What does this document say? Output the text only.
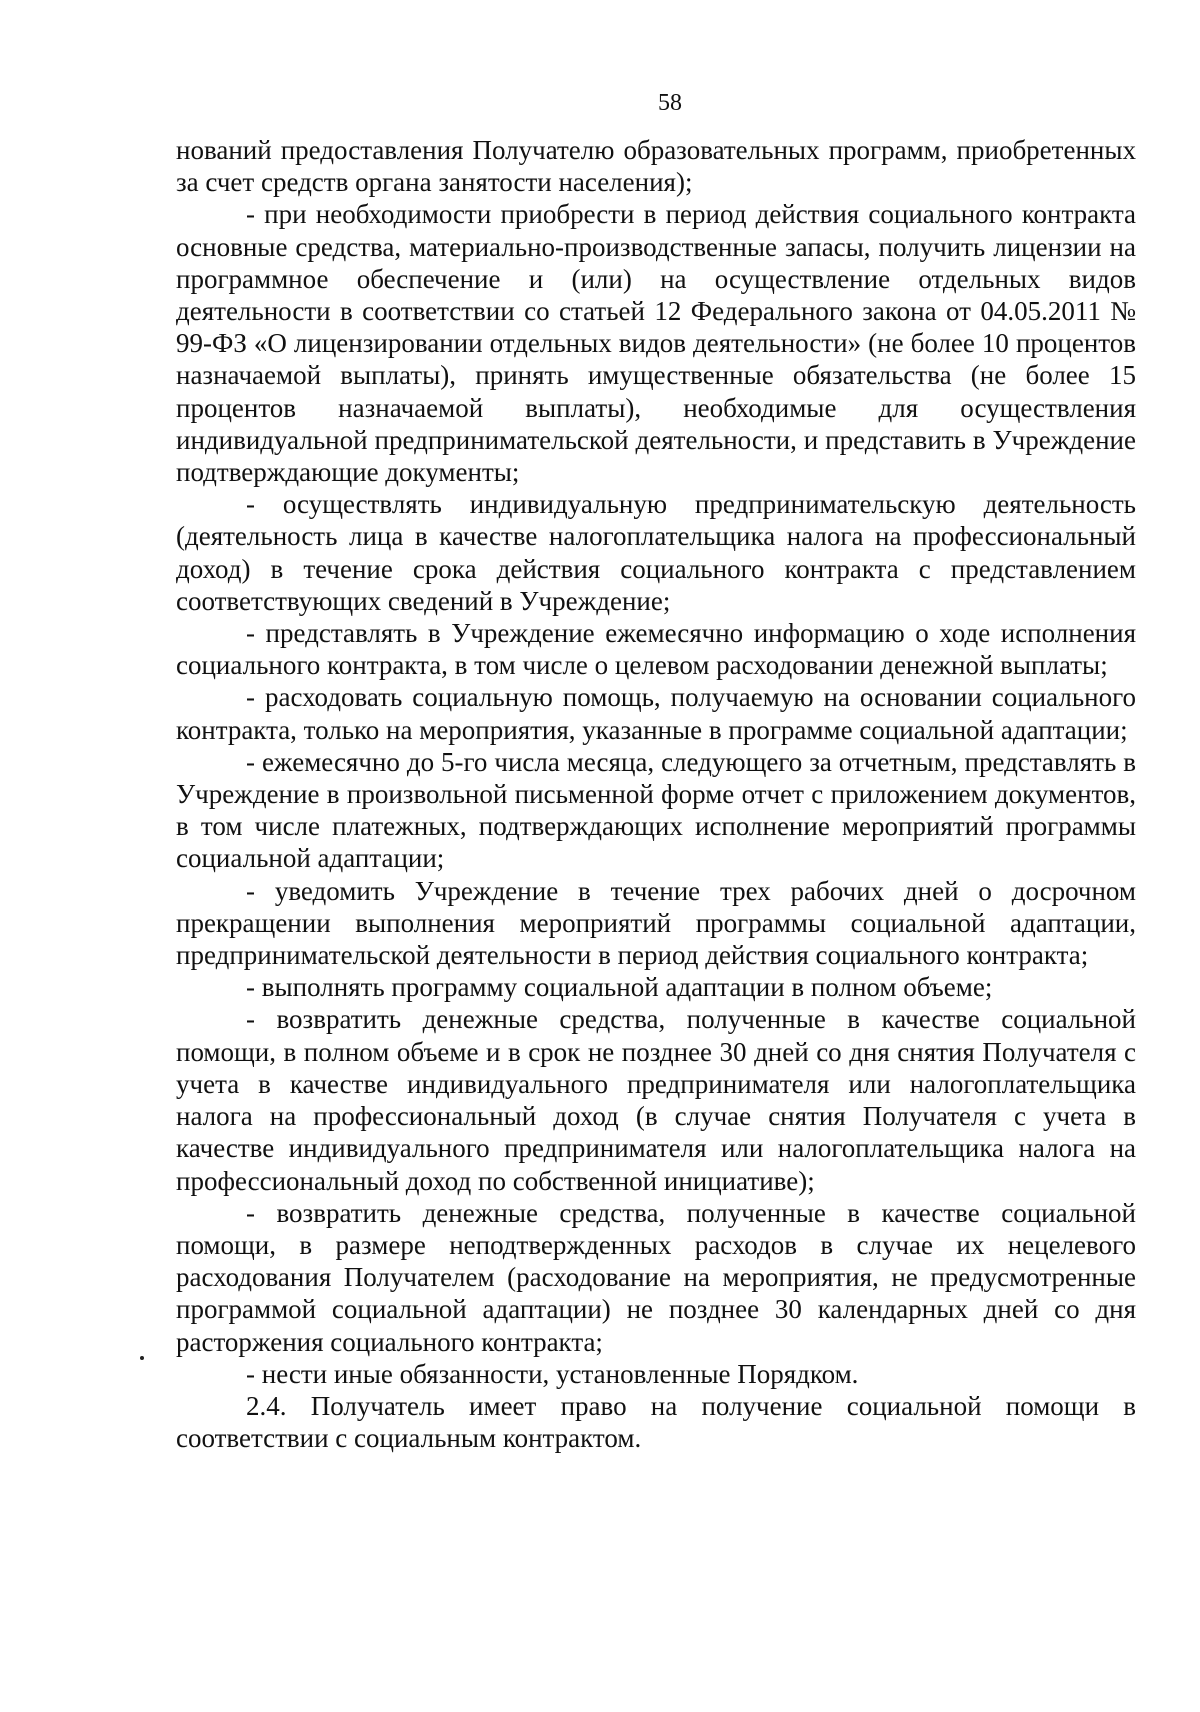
58

нований предоставления Получателю образовательных программ, приобретенных за счет средств органа занятости населения);

- при необходимости приобрести в период действия социального контракта основные средства, материально-производственные запасы, получить лицензии на программное обеспечение и (или) на осуществление отдельных видов деятельности в соответствии со статьей 12 Федерального закона от 04.05.2011 № 99-ФЗ «О лицензировании отдельных видов деятельности» (не более 10 процентов назначаемой выплаты), принять имущественные обязательства (не более 15 процентов назначаемой выплаты), необходимые для осуществления индивидуальной предпринимательской деятельности, и представить в Учреждение подтверждающие документы;

- осуществлять индивидуальную предпринимательскую деятельность (деятельность лица в качестве налогоплательщика налога на профессиональный доход) в течение срока действия социального контракта с представлением соответствующих сведений в Учреждение;

- представлять в Учреждение ежемесячно информацию о ходе исполнения социального контракта, в том числе о целевом расходовании денежной выплаты;

- расходовать социальную помощь, получаемую на основании социального контракта, только на мероприятия, указанные в программе социальной адаптации;

- ежемесячно до 5-го числа месяца, следующего за отчетным, представлять в Учреждение в произвольной письменной форме отчет с приложением документов, в том числе платежных, подтверждающих исполнение мероприятий программы социальной адаптации;

- уведомить Учреждение в течение трех рабочих дней о досрочном прекращении выполнения мероприятий программы социальной адаптации, предпринимательской деятельности в период действия социального контракта;

- выполнять программу социальной адаптации в полном объеме;

- возвратить денежные средства, полученные в качестве социальной помощи, в полном объеме и в срок не позднее 30 дней со дня снятия Получателя с учета в качестве индивидуального предпринимателя или налогоплательщика налога на профессиональный доход (в случае снятия Получателя с учета в качестве индивидуального предпринимателя или налогоплательщика налога на профессиональный доход по собственной инициативе);

- возвратить денежные средства, полученные в качестве социальной помощи, в размере неподтвержденных расходов в случае их нецелевого расходования Получателем (расходование на мероприятия, не предусмотренные программой социальной адаптации) не позднее 30 календарных дней со дня расторжения социального контракта;

- нести иные обязанности, установленные Порядком.

2.4. Получатель имеет право на получение социальной помощи в соответствии с социальным контрактом.
